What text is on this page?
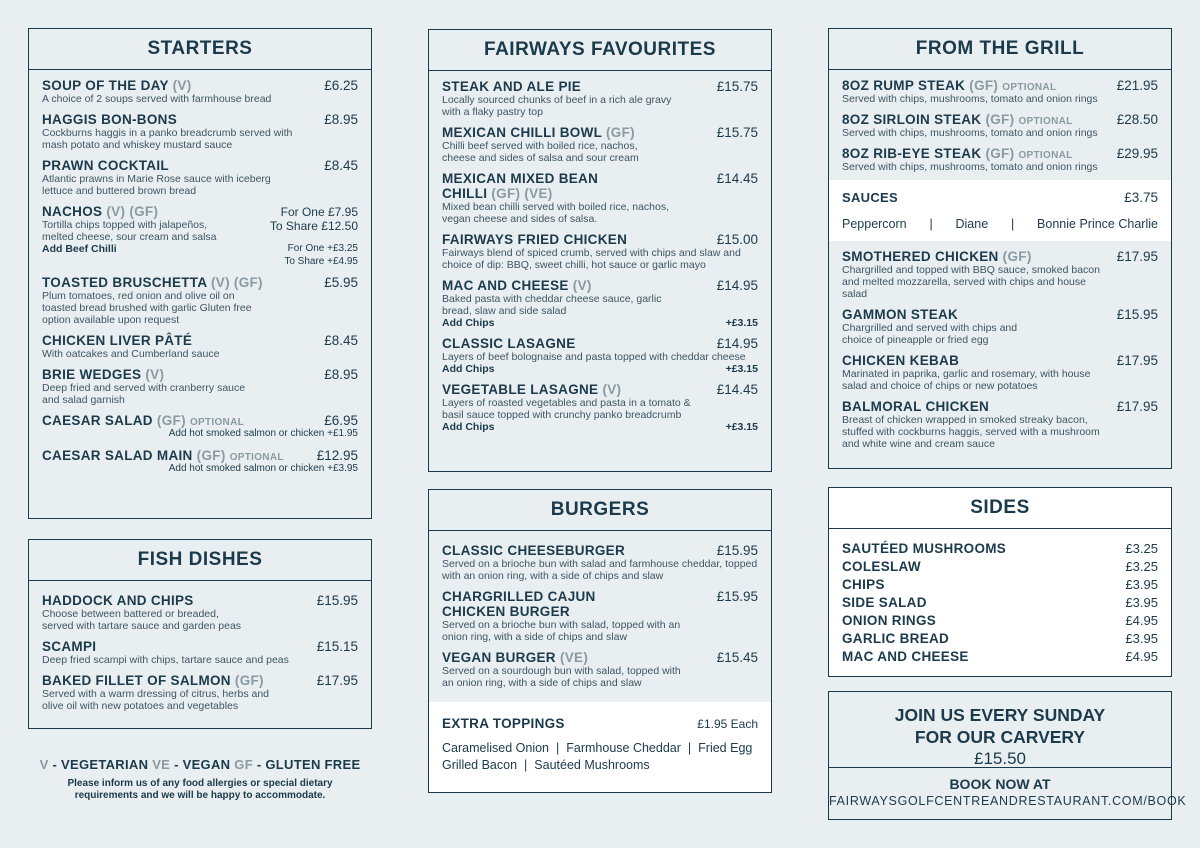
STARTERS
SOUP OF THE DAY (V)	£6.25
A choice of 2 soups served with farmhouse bread
HAGGIS BON-BONS	£8.95
Cockburns haggis in a panko breadcrumb served with mash potato and whiskey mustard sauce
PRAWN COCKTAIL	£8.45
Atlantic prawns in Marie Rose sauce with iceberg lettuce and buttered brown bread
NACHOS (V) (GF)	For One £7.95
Tortilla chips topped with jalapeños, melted cheese, sour cream and salsa
To Share £12.50
Add Beef Chilli	For One +£3.25
To Share +£4.95
TOASTED BRUSCHETTA (V) (GF)	£5.95
Plum tomatoes, red onion and olive oil on toasted bread brushed with garlic Gluten free option available upon request
CHICKEN LIVER PÂTÉ	£8.45
With oatcakes and Cumberland sauce
BRIE WEDGES (V)	£8.95
Deep fried and served with cranberry sauce and salad garnish
CAESAR SALAD (GF) OPTIONAL	£6.95
Add hot smoked salmon or chicken +£1.95
CAESAR SALAD MAIN (GF) OPTIONAL £12.95
Add hot smoked salmon or chicken +£3.95
FISH DISHES
HADDOCK AND CHIPS	£15.95
Choose between battered or breaded, served with tartare sauce and garden peas
SCAMPI	£15.15
Deep fried scampi with chips, tartare sauce and peas
BAKED FILLET OF SALMON (GF)	£17.95
Served with a warm dressing of citrus, herbs and olive oil with new potatoes and vegetables
V - VEGETARIAN VE - VEGAN GF - GLUTEN FREE
Please inform us of any food allergies or special dietary requirements and we will be happy to accommodate.
FAIRWAYS FAVOURITES
STEAK AND ALE PIE	£15.75
Locally sourced chunks of beef in a rich ale gravy with a flaky pastry top
MEXICAN CHILLI BOWL (GF)	£15.75
Chilli beef served with boiled rice, nachos, cheese and sides of salsa and sour cream
MEXICAN MIXED BEAN CHILLI (GF) (VE)
£14.45
Mixed bean chilli served with boiled rice, nachos, vegan cheese and sides of salsa.
FAIRWAYS FRIED CHICKEN	£15.00
Fairways blend of spiced crumb, served with chips and slaw and choice of dip: BBQ, sweet chilli, hot sauce or garlic mayo
MAC AND CHEESE (V)	£14.95
Baked pasta with cheddar cheese sauce, garlic bread, slaw and side salad
Add Chips	+£3.15
CLASSIC LASAGNE	£14.95
Layers of beef bolognaise and pasta topped with cheddar cheese
Add Chips	+£3.15
VEGETABLE LASAGNE (V)	£14.45
Layers of roasted vegetables and pasta in a tomato & basil sauce topped with crunchy panko breadcrumb
Add Chips	+£3.15
BURGERS
CLASSIC CHEESEBURGER	£15.95
Served on a brioche bun with salad and farmhouse cheddar, topped with an onion ring, with a side of chips and slaw
CHARGRILLED CAJUN CHICKEN BURGER
£15.95
Served on a brioche bun with salad, topped with an onion ring, with a side of chips and slaw
VEGAN BURGER (VE)	£15.45
Served on a sourdough bun with salad, topped with an onion ring, with a side of chips and slaw
EXTRA TOPPINGS	£1.95 Each
Caramelised Onion | Farmhouse Cheddar | Fried Egg
Grilled Bacon | Sautéed Mushrooms
FROM THE GRILL
8OZ RUMP STEAK (GF) OPTIONAL	£21.95
Served with chips, mushrooms, tomato and onion rings
8OZ SIRLOIN STEAK (GF) OPTIONAL	£28.50
Served with chips, mushrooms, tomato and onion rings
8OZ RIB-EYE STEAK (GF) OPTIONAL	£29.95
Served with chips, mushrooms, tomato and onion rings
SAUCES	£3.75
Peppercorn | Diane | Bonnie Prince Charlie
SMOTHERED CHICKEN (GF)	£17.95
Chargrilled and topped with BBQ sauce, smoked bacon and melted mozzarella, served with chips and house salad
GAMMON STEAK	£15.95
Chargrilled and served with chips and choice of pineapple or fried egg
CHICKEN KEBAB	£17.95
Marinated in paprika, garlic and rosemary, with house salad and choice of chips or new potatoes
BALMORAL CHICKEN	£17.95
Breast of chicken wrapped in smoked streaky bacon, stuffed with cockburns haggis, served with a mushroom and white wine and cream sauce
SIDES
SAUTÉED MUSHROOMS	£3.25
COLESLAW	£3.25
CHIPS	£3.95
SIDE SALAD	£3.95
ONION RINGS	£4.95
GARLIC BREAD	£3.95
MAC AND CHEESE	£4.95
JOIN US EVERY SUNDAY
FOR OUR CARVERY
£15.50
BOOK NOW AT
FAIRWAYSGOLFCENTREANDRESTAURANT.COM/BOOK
